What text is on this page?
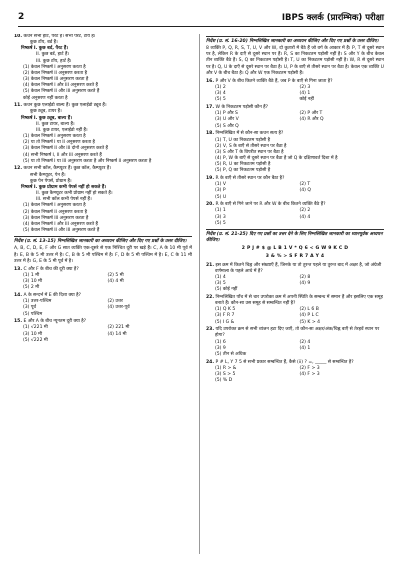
2	IBPS क्लर्क (प्रारम्भिक) परीक्षा
10. कथन सभी हार्ट, पैरट हैं। सभी पैरट, टॉय हैं।
कुछ टॉय, बर्ड हैं।
निष्कर्ष I. कुछ बर्ड, पैरट हैं।
II. कुछ बर्ड, हार्ट हैं।
III. कुछ टॉय, हार्ट हैं।
(1) केवल निष्कर्ष I अनुसरण करता है
(2) केवल निष्कर्ष II अनुसरण करता है
(3) केवल निष्कर्ष III अनुसरण करता है
(4) केवल निष्कर्ष I और III अनुसरण करते हैं
(5) केवल निष्कर्ष II और III अनुसरण करते हैं
कोई अनुसरण नहीं करता है
11. कथन कुछ एलाईडो बाल्य हैं। कुछ एलाईडो ट्यूब हैं।
कुछ ट्यूब, टायर हैं।
निष्कर्ष I. कुछ ट्यूब, बाल्य हैं।
II. कुछ टायर, बाल्य हैं।
III. कुछ टायर, एलाईडो नहीं हैं।
(1) केवल निष्कर्ष I अनुसरण करता है
(2) या तो निष्कर्ष I या II अनुसरण करता है
(3) केवल निष्कर्ष II और III दोनों अनुसरण करते हैं
(4) सभी निष्कर्ष I, II और III अनुसरण करते हैं
(5) या तो निष्कर्ष I या III अनुसरण करता है और निष्कर्ष II अनुसरण करता है
12. कथन सभी कॉल, कैम्प्यूटर हैं। कुछ कॉल, कैम्प्यूटर हैं।
सभी कैम्प्यूटर, पेन हैं।
कुछ पेन पेपर्स, प्रोग्राम हैं।
निष्कर्ष I. कुछ प्रोग्राम कभी पेपर्स नहीं हो सकते हैं।
II. कुछ कैम्प्यूटर कभी प्रोग्राम नहीं हो सकते हैं।
III. सभी कॉल कभी पेपर्स नहीं हैं।
(1) केवल निष्कर्ष I अनुसरण करता है
(2) केवल निष्कर्ष II अनुसरण करता है
(3) केवल निष्कर्ष III अनुसरण करता है
(4) केवल निष्कर्ष I और III अनुसरण करते हैं
(5) केवल निष्कर्ष II और III अनुसरण करते हैं
निर्देश (प्र. सं. 13-15) निम्नलिखित जानकारी का अध्ययन कीजिए और दिए गए प्रश्नों के उत्तर दीजिए।
A, B, C, D, E, F और G सात व्यक्ति एक-दूसरे से एक निश्चित दूरी पर खड़े हैं। C, A के 10 मी पूर्व में है। E, B के 5 मी उत्तर में है। C, B के 5 मी पश्चिम में है। F, D के 5 मी पश्चिम में है। E, C के 11 मी उत्तर में है। G, E के 5 मी पूर्व में है।
13. C और F के बीच की दूरी क्या है?
(1) 1 मी	(2) 5 मी
(3) 10 मी	(4) 4 मी
(5) 2 मी
14. A के सन्दर्भ में E की दिशा क्या है?
(1) उत्तर-पश्चिम	(2) उत्तर
(3) पूर्व	(4) उत्तर-पूर्व
(5) पश्चिम
15. E और A के बीच न्यूनतम दूरी क्या है?
(1) √221 मी	(2) 221 मी
(3) 10 मी	(4) 14 मी
(5) √222 मी
निर्देश (प्र. सं. 16-20) निम्नलिखित जानकारी का अध्ययन कीजिए और दिए गए प्रश्नों के उत्तर दीजिए।
8 व्यक्ति P, Q, R, S, T, U, V और W, दो कुतारों में बैठे हैं जो वर्ग के आकार में हैं। P, T से दूसरे स्थान पर है, लेकिन R के दाएँ से दूसरे स्थान पर हैं। R, S का निकटतम पड़ोसी नहीं है। S और Y के बीच केवल तीन व्यक्ति बैठे हैं। S, Q का निकटतम पड़ोसी है। T, U का निकटतम पड़ोसी नहीं है। W, R से दूसरे स्थान पर है। Q, U के दाएँ से दूसरे स्थान पर बैठा है। U, P के बाएँ से तीसरे स्थान पर बैठा है। केवल एक व्यक्ति U और V के बीच बैठा है। Q और W एक निकटतम पड़ोसी हैं।
16. P और V के बीच कितने व्यक्ति बैठे हैं, जब P के बाएँ से गिना जाता है?
(1) 2	(2) 3
(3) 4	(4) 1
(5) 5	कोई नहीं
17. W के निकटतम पड़ोसी कौन हैं?
(1) P और S	(2) P और T
(3) U और V	(4) R और Q
(5) S और Q
18. निम्नलिखित में से कौन-सा कथन सत्य है?
(1) T, U का निकटतम पड़ोसी है
(2) V, S के बाएँ से तीसरे स्थान पर बैठा है
(3) S और T के विपरीत स्थान पर बैठा है
(4) P, W के बाएँ से दूसरे स्थान पर बैठा है जो Q के दक्षिणावर्त दिशा में है
(5) R, U का निकटतम पड़ोसी है
(5) P, Q का निकटतम पड़ोसी है
19. R के बाएँ से तीसरे स्थान पर कौन बैठा है?
(1) V	(2) T
(3) P	(4) Q
(5) U
20. R के बाएँ से गिने जाने पर R और W के बीच कितने व्यक्ति बैठे हैं?
(1) 1	(2) 2
(3) 3	(4) 4
(5) 5
निर्देश (प्र. सं. 21-25) दिए गए प्रश्नों का उत्तर देने के लिए निम्नलिखित जानकारी का ध्यानपूर्वक अध्ययन कीजिए।
2 P J # $ @ L B 1 V * Q 6 < G W 9 K C D
3 & % > S F R 7 A Y 4
21. इस क्रम में कितने चिह्न और संख्याएँ हैं, जिनके या तो तुरन्त पहले या तुरन्त बाद में अक्षर है, जो अंग्रेजी वर्णमाला के पहले आधे में है?
(1) 4	(2) 8
(3) 5	(4) 9
(5) कोई नहीं
22. निम्नलिखित पाँच में से चार उपरोक्त क्रम में अपनी स्थिति के सम्बन्ध में समान हैं और इसलिए एक समूह बनाते हैं। कौन-सा उस समूह से सम्बन्धित नहीं है?
(1) Q K 5	(2) L 6 B
(3) F R 7	(4) P L C
(5) I G &	(5) K > 4
23. यदि उपरोक्त क्रम से सभी व्यंजन हटा दिए जाएँ, तो कौन-सा अक्षर/अंक/चिह्न बाएँ से तेरहवें स्थान पर होगा?
(1) 6	(2) 4
(3) 9	(4) 1
(5) तीन से अधिक
24. P # L, Y 7 5 से सभी प्रकार सम्बन्धित हैं, कैसे (ii) ? =, _____ से सम्बन्धित है?
(1) R > &	(2) F > 3
(3) S > 5	(4) F > 3
(5) % D
